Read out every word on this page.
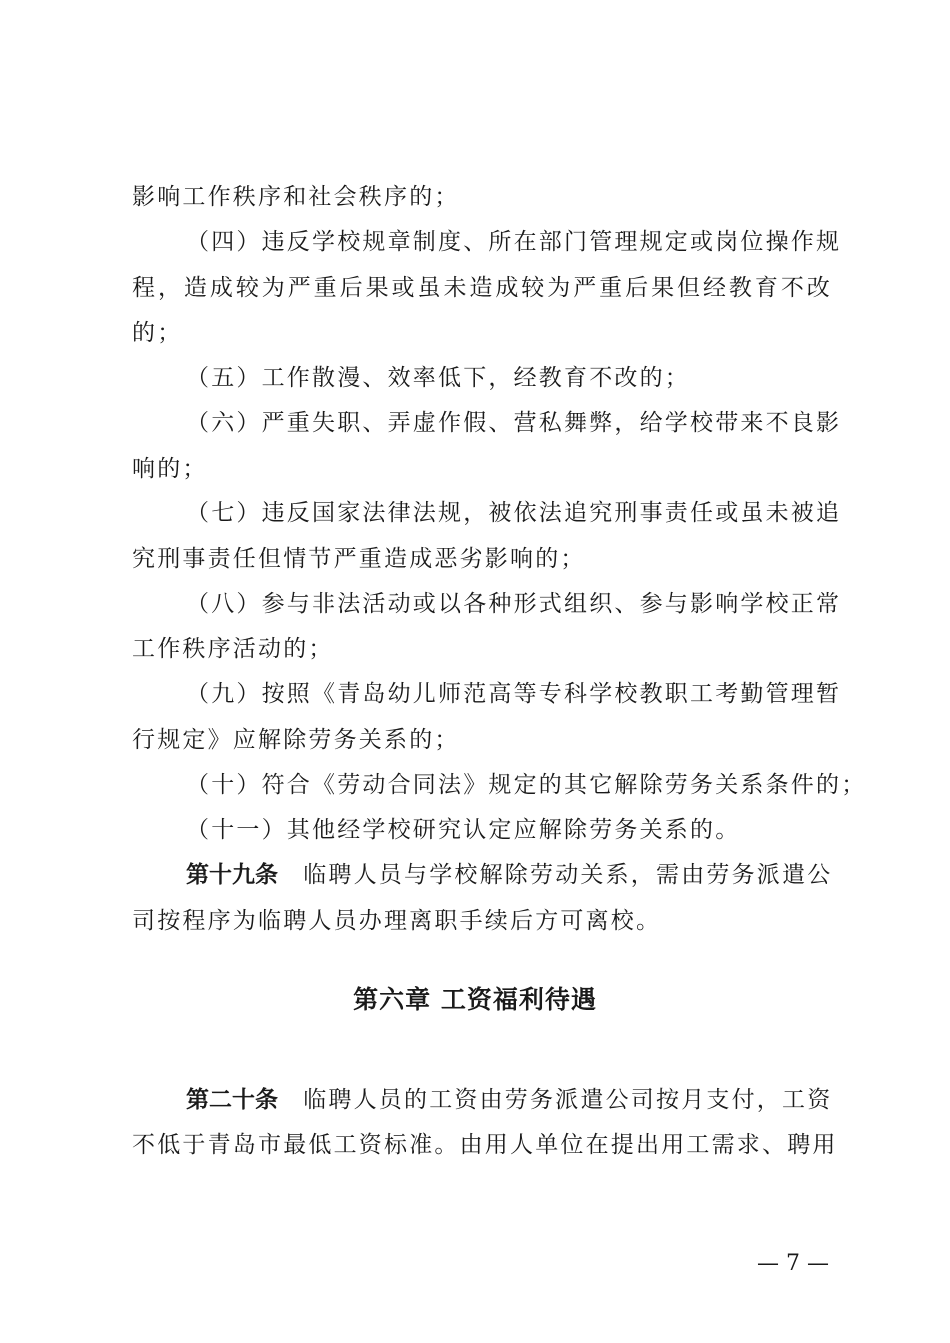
影响工作秩序和社会秩序的；
（四）违反学校规章制度、所在部门管理规定或岗位操作规
程，造成较为严重后果或虽未造成较为严重后果但经教育不改
的；
（五）工作散漫、效率低下，经教育不改的；
（六）严重失职、弄虚作假、营私舞弊，给学校带来不良影
响的；
（七）违反国家法律法规，被依法追究刑事责任或虽未被追
究刑事责任但情节严重造成恶劣影响的；
（八）参与非法活动或以各种形式组织、参与影响学校正常
工作秩序活动的；
（九）按照《青岛幼儿师范高等专科学校教职工考勤管理暂
行规定》应解除劳务关系的；
（十）符合《劳动合同法》规定的其它解除劳务关系条件的；
（十一）其他经学校研究认定应解除劳务关系的。
第十九条  临聘人员与学校解除劳动关系，需由劳务派遣公
司按程序为临聘人员办理离职手续后方可离校。
第六章 工资福利待遇
第二十条  临聘人员的工资由劳务派遣公司按月支付，工资
不低于青岛市最低工资标准。由用人单位在提出用工需求、聘用
— 7 —
